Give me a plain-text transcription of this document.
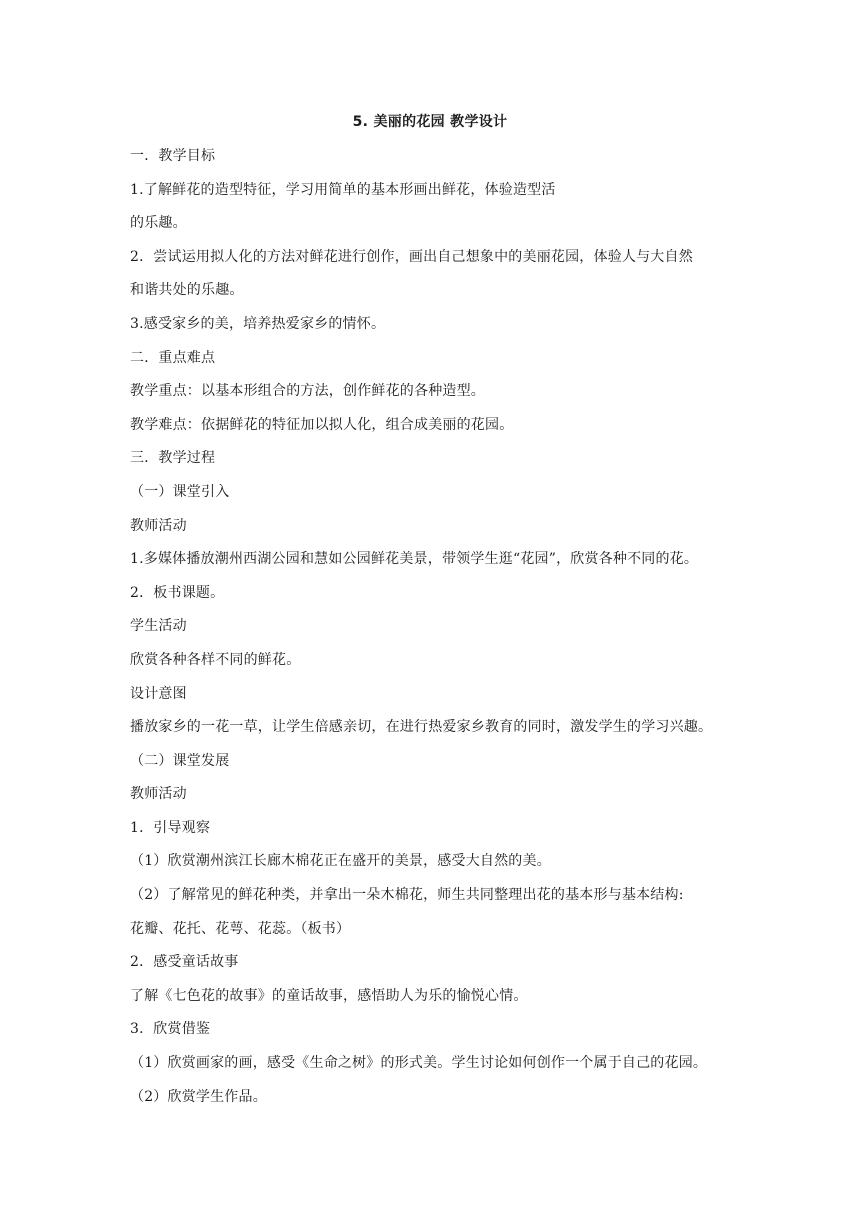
5. 美丽的花园 教学设计
一．教学目标
1.了解鲜花的造型特征，学习用简单的基本形画出鲜花，体验造型活
的乐趣。
2．尝试运用拟人化的方法对鲜花进行创作，画出自己想象中的美丽花园，体验人与大自然
和谐共处的乐趣。
3.感受家乡的美，培养热爱家乡的情怀。
二．重点难点
教学重点：以基本形组合的方法，创作鲜花的各种造型。
教学难点：依据鲜花的特征加以拟人化，组合成美丽的花园。
三．教学过程
（一）课堂引入
教师活动
1.多媒体播放潮州西湖公园和慧如公园鲜花美景，带领学生逛“花园”，欣赏各种不同的花。
2．板书课题。
学生活动
欣赏各种各样不同的鲜花。
设计意图
播放家乡的一花一草，让学生倍感亲切，在进行热爱家乡教育的同时，激发学生的学习兴趣。
（二）课堂发展
教师活动
1．引导观察
（1）欣赏潮州滨江长廊木棉花正在盛开的美景，感受大自然的美。
（2）了解常见的鲜花种类，并拿出一朵木棉花，师生共同整理出花的基本形与基本结构:
花瓣、花托、花萼、花蕊。（板书）
2．感受童话故事
了解《七色花的故事》的童话故事，感悟助人为乐的愉悦心情。
3．欣赏借鉴
（1）欣赏画家的画，感受《生命之树》的形式美。学生讨论如何创作一个属于自己的花园。
（2）欣赏学生作品。
